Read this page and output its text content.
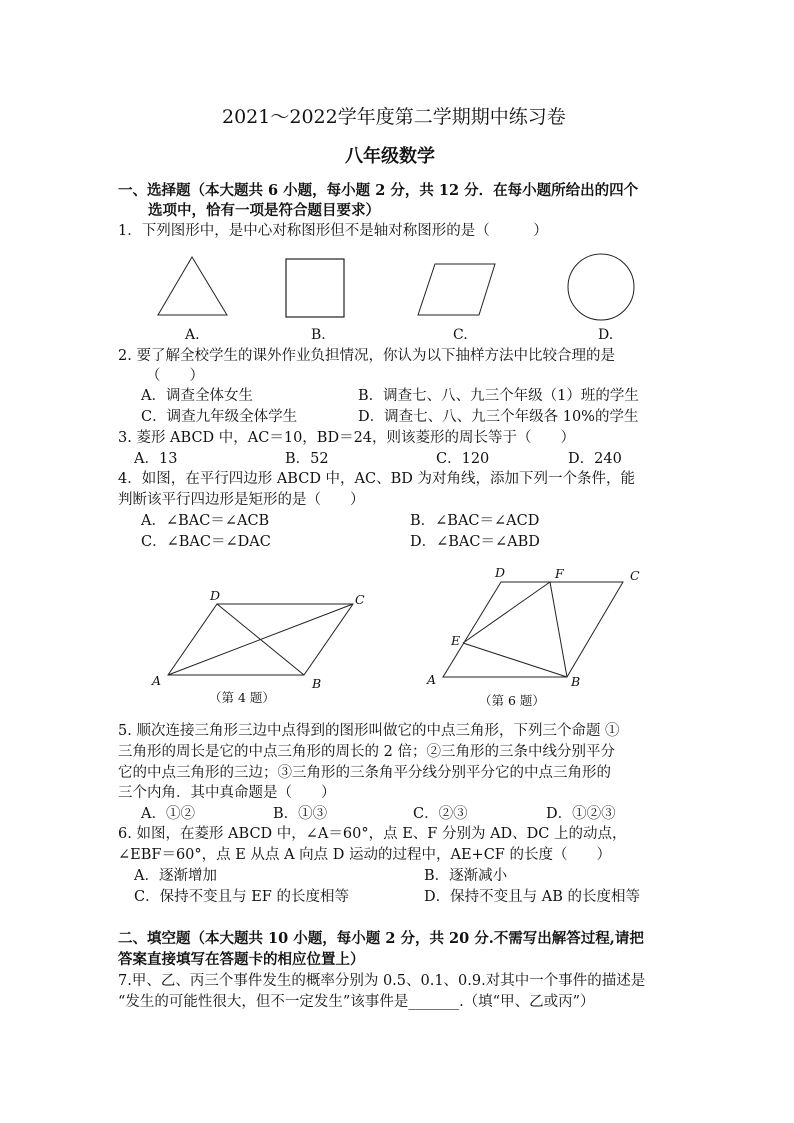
2021～2022学年度第二学期期中练习卷
八年级数学
一、选择题（本大题共 6 小题，每小题 2 分，共 12 分．在每小题所给出的四个
选项中，恰有一项是符合题目要求）
1．下列图形中，是中心对称图形但不是轴对称图形的是（　　　）
A.	B.	C.	D.
2. 要了解全校学生的课外作业负担情况，你认为以下抽样方法中比较合理的是
（　　）
A．调查全体女生	B．调查七、八、九三个年级（1）班的学生
C．调查九年级全体学生	D．调查七、八、九三个年级各 10%的学生
3. 菱形 ABCD 中，AC＝10，BD＝24，则该菱形的周长等于（　　）
A．13	B．52	C．120	D．240
4．如图，在平行四边形 ABCD 中，AC、BD 为对角线，添加下列一个条件，能
判断该平行四边形是矩形的是（　　）
A．∠BAC＝∠ACB	B．∠BAC＝∠ACD
C．∠BAC＝∠DAC	D．∠BAC＝∠ABD
A	B
C
D
（第 4 题）
A	B
C
D
E
F
（第 6 题）
5. 顺次连接三角形三边中点得到的图形叫做它的中点三角形，下列三个命题 ①
三角形的周长是它的中点三角形的周长的 2 倍；②三角形的三条中线分别平分
它的中点三角形的三边；③三角形的三条角平分线分别平分它的中点三角形的
三个内角．其中真命题是（　　）
A．①②	B．①③	C．②③	D．①②③
6. 如图，在菱形 ABCD 中，∠A＝60°，点 E、F 分别为 AD、DC 上的动点，
∠EBF＝60°，点 E 从点 A 向点 D 运动的过程中，AE+CF 的长度（　　）
A．逐渐增加	B．逐渐减小
C．保持不变且与 EF 的长度相等	D．保持不变且与 AB 的长度相等
二、填空题（本大题共 10 小题，每小题 2 分，共 20 分.不需写出解答过程,请把
答案直接填写在答题卡的相应位置上）
7.甲、乙、丙三个事件发生的概率分别为 0.5、0.1、0.9.对其中一个事件的描述是
“发生的可能性很大，但不一定发生”该事件是_______.（填“甲、乙或丙”）
